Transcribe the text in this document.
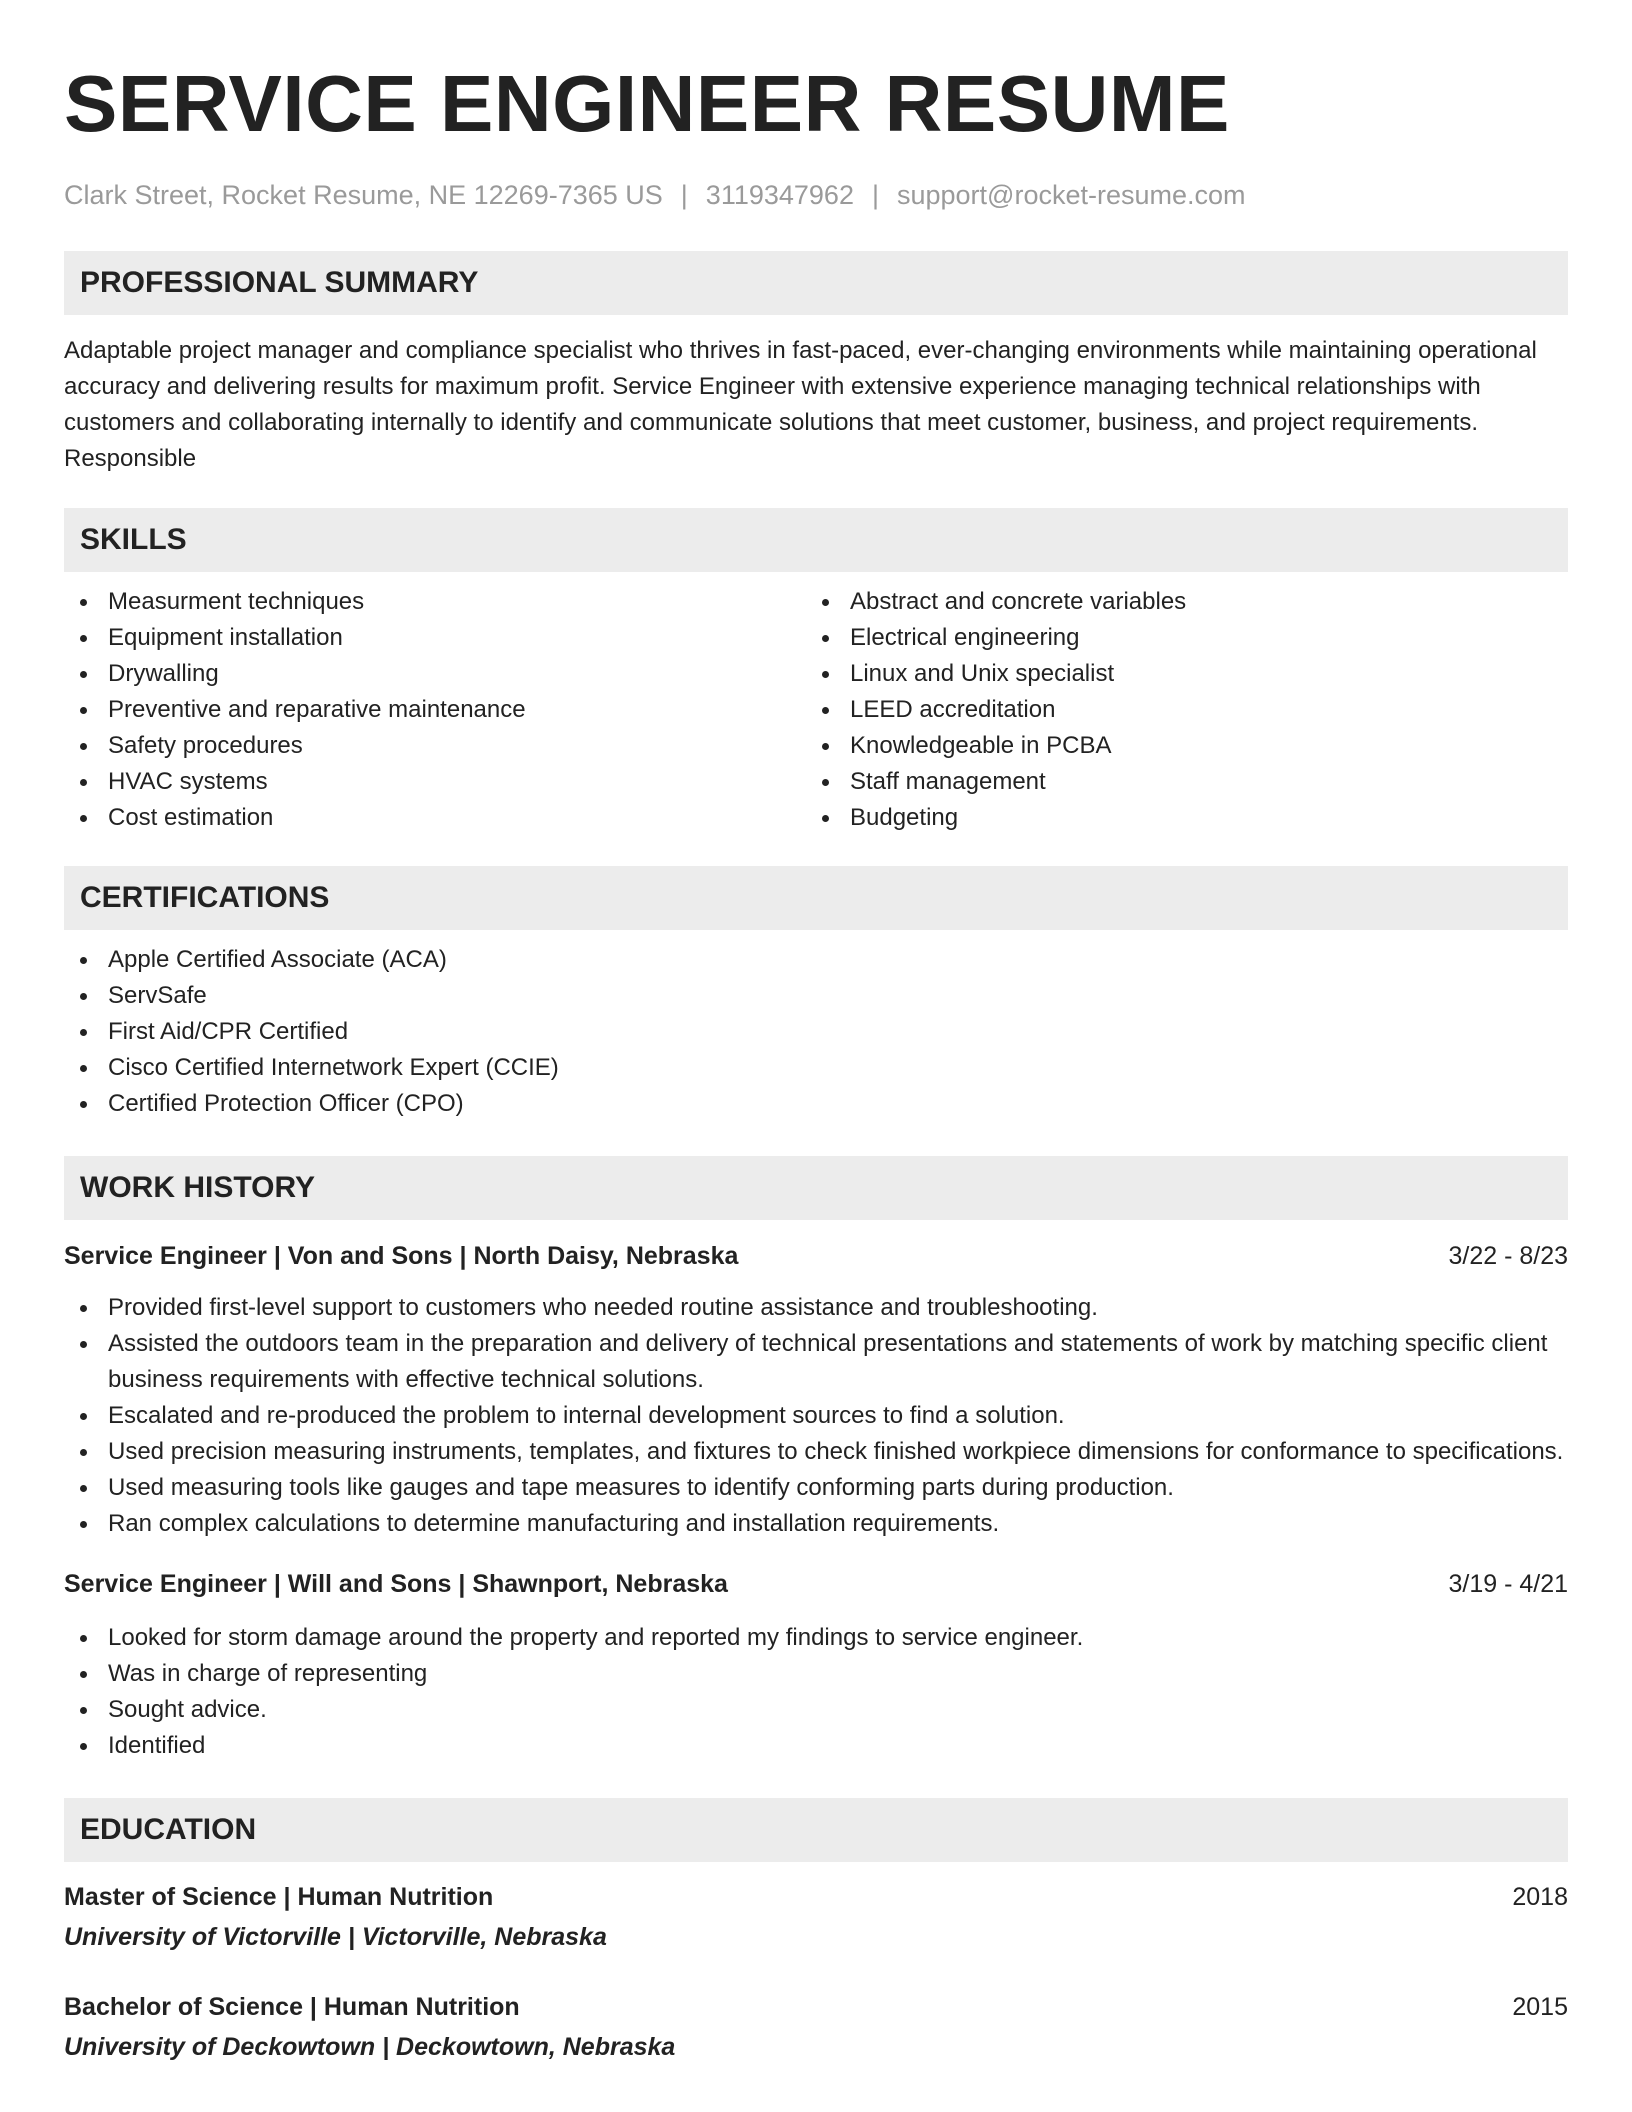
SERVICE ENGINEER RESUME
Clark Street, Rocket Resume, NE 12269-7365 US | 3119347962 | support@rocket-resume.com
PROFESSIONAL SUMMARY

Adaptable project manager and compliance specialist who thrives in fast-paced, ever-changing environments while maintaining operational accuracy and delivering results for maximum profit. Service Engineer with extensive experience managing technical relationships with customers and collaborating internally to identify and communicate solutions that meet customer, business, and project requirements. Responsible

SKILLS
Measurment techniques
Equipment installation
Drywalling
Preventive and reparative maintenance
Safety procedures
HVAC systems
Cost estimation
Abstract and concrete variables
Electrical engineering
Linux and Unix specialist
LEED accreditation
Knowledgeable in PCBA
Staff management
Budgeting
CERTIFICATIONS
Apple Certified Associate (ACA)
ServSafe
First Aid/CPR Certified
Cisco Certified Internetwork Expert (CCIE)
Certified Protection Officer (CPO)
WORK HISTORY
Service Engineer | Von and Sons | North Daisy, Nebraska	3/22 - 8/23
Provided first-level support to customers who needed routine assistance and troubleshooting.
Assisted the outdoors team in the preparation and delivery of technical presentations and statements of work by matching specific client business requirements with effective technical solutions.
Escalated and re-produced the problem to internal development sources to find a solution.
Used precision measuring instruments, templates, and fixtures to check finished workpiece dimensions for conformance to specifications.
Used measuring tools like gauges and tape measures to identify conforming parts during production.
Ran complex calculations to determine manufacturing and installation requirements.
Service Engineer | Will and Sons | Shawnport, Nebraska	3/19 - 4/21
Looked for storm damage around the property and reported my findings to service engineer.
Was in charge of representing
Sought advice.
Identified
EDUCATION
Master of Science | Human Nutrition	2018
University of Victorville | Victorville, Nebraska
Bachelor of Science | Human Nutrition	2015
University of Deckowtown | Deckowtown, Nebraska
